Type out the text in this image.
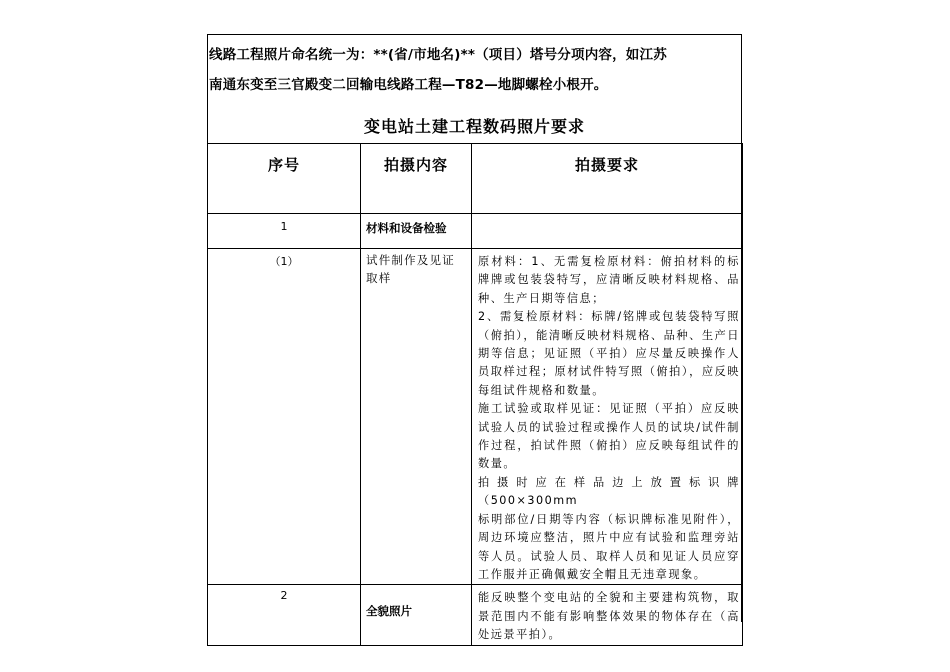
线路工程照片命名统一为：**(省/市地名)**（项目）塔号分项内容，如江苏

南通东变至三官殿变二回输电线路工程—T82—地脚螺栓小根开。

变电站土建工程数码照片要求
序号	拍摄内容	拍摄要求

1	材料和设备检验	

（1）	试件制作及见证取样	原材料：1、无需复检原材料：俯拍材料的标牌牌或包装袋特写，应清晰反映材料规格、品种、生产日期等信息；
2、需复检原材料：标牌/铭牌或包装袋特写照（俯拍），能清晰反映材料规格、品种、生产日期等信息；见证照（平拍）应尽量反映操作人员取样过程；原材试件特写照（俯拍），应反映每组试件规格和数量。
施工试验或取样见证：见证照（平拍）应反映试验人员的试验过程或操作人员的试块/试件制作过程，拍试件照（俯拍）应反映每组试件的数量。
拍摄时应在样品边上放置标识牌（500×300mm
标明部位/日期等内容（标识牌标准见附件），周边环境应整洁，照片中应有试验和监理旁站等人员。试验人员、取样人员和见证人员应穿工作服并正确佩戴安全帽且无违章现象。

2	全貌照片	能反映整个变电站的全貌和主要建构筑物，取景范围内不能有影响整体效果的物体存在（高处远景平拍）。
